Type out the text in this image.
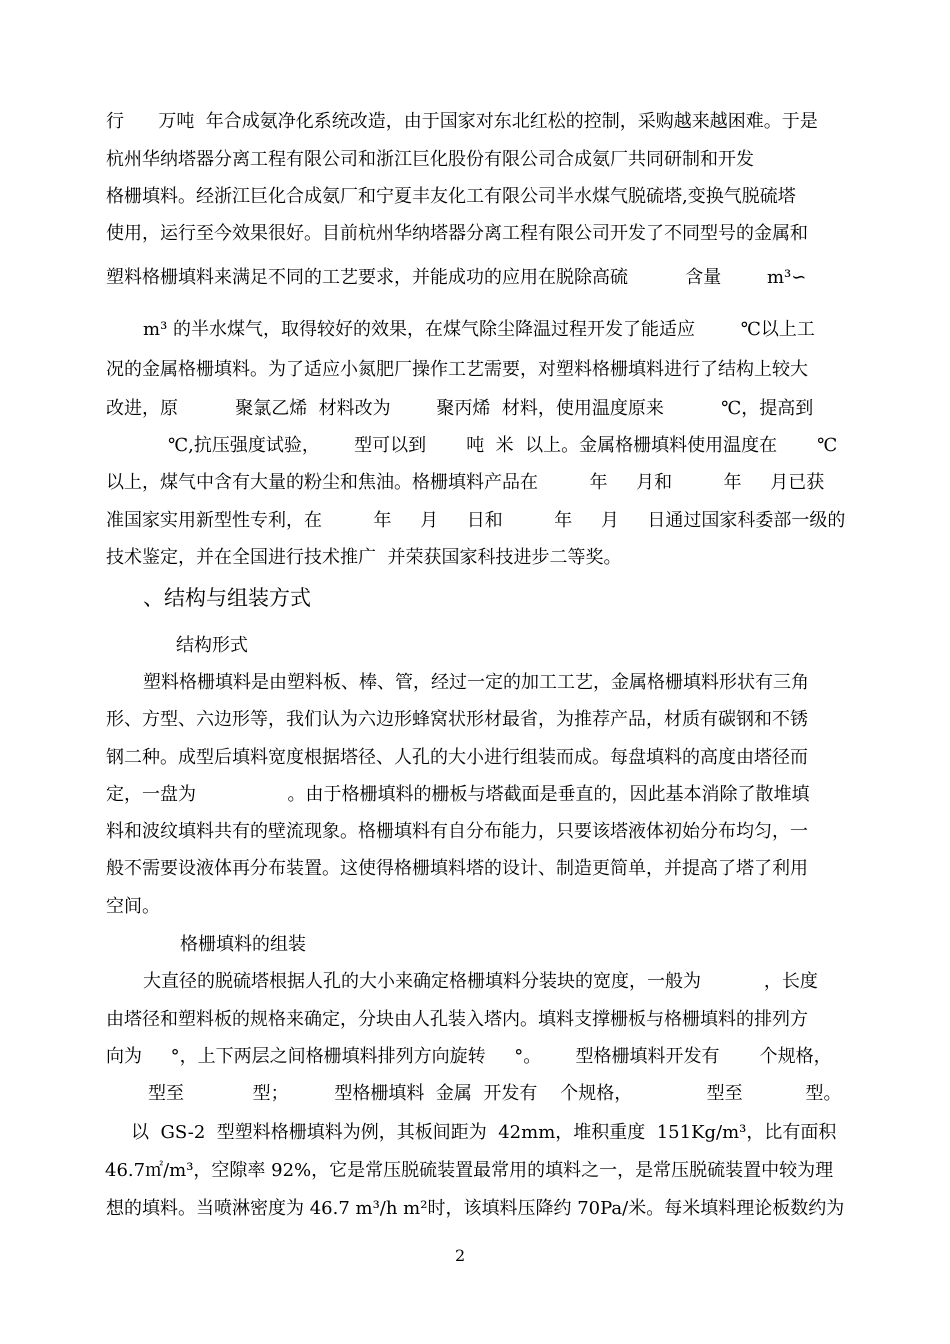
行      万吨  年合成氨净化系统改造，由于国家对东北红松的控制，采购越来越困难。于是
杭州华纳塔器分离工程有限公司和浙江巨化股份有限公司合成氨厂共同研制和开发
格栅填料。经浙江巨化合成氨厂和宁夏丰友化工有限公司半水煤气脱硫塔,变换气脱硫塔
使用，运行至今效果很好。目前杭州华纳塔器分离工程有限公司开发了不同型号的金属和
塑料格栅填料来满足不同的工艺要求，并能成功的应用在脱除高硫          含量        m³∽
m³ 的半水煤气，取得较好的效果，在煤气除尘降温过程开发了能适应        ℃以上工
况的金属格栅填料。为了适应小氮肥厂操作工艺需要，对塑料格栅填料进行了结构上较大
改进，原          聚氯乙烯  材料改为        聚丙烯  材料，使用温度原来          ℃，提高到
℃,抗压强度试验，      型可以到       吨  米  以上。金属格栅填料使用温度在       ℃
以上，煤气中含有大量的粉尘和焦油。格栅填料产品在         年     月和         年     月已获
准国家实用新型性专利，在         年     月     日和         年     月     日通过国家科委部一级的
技术鉴定，并在全国进行技术推广  并荣获国家科技进步二等奖。
、结构与组装方式
结构形式
塑料格栅填料是由塑料板、棒、管，经过一定的加工工艺，金属格栅填料形状有三角
形、方型、六边形等，我们认为六边形蜂窝状形材最省，为推荐产品，材质有碳钢和不锈
钢二种。成型后填料宽度根据塔径、人孔的大小进行组装而成。每盘填料的高度由塔径而
定，一盘为                。由于格栅填料的栅板与塔截面是垂直的，因此基本消除了散堆填
料和波纹填料共有的壁流现象。格栅填料有自分布能力，只要该塔液体初始分布均匀，一
般不需要设液体再分布装置。这使得格栅填料塔的设计、制造更简单，并提高了塔了利用
空间。
格栅填料的组装
大直径的脱硫塔根据人孔的大小来确定格栅填料分装块的宽度，一般为           ，长度
由塔径和塑料板的规格来确定，分块由人孔装入塔内。填料支撑栅板与格栅填料的排列方
向为     °，上下两层之间格栅填料排列方向旋转     °。      型格栅填料开发有       个规格，
型至            型；        型格栅填料  金属  开发有    个规格，             型至           型。
以  GS-2  型塑料格栅填料为例，其板间距为  42mm，堆积重度  151Kg/m³，比有面积
46.7㎡/m³，空隙率 92%，它是常压脱硫装置最常用的填料之一，是常压脱硫装置中较为理
想的填料。当喷淋密度为 46.7 m³/h m²时，该填料压降约 70Pa/米。每米填料理论板数约为
2
